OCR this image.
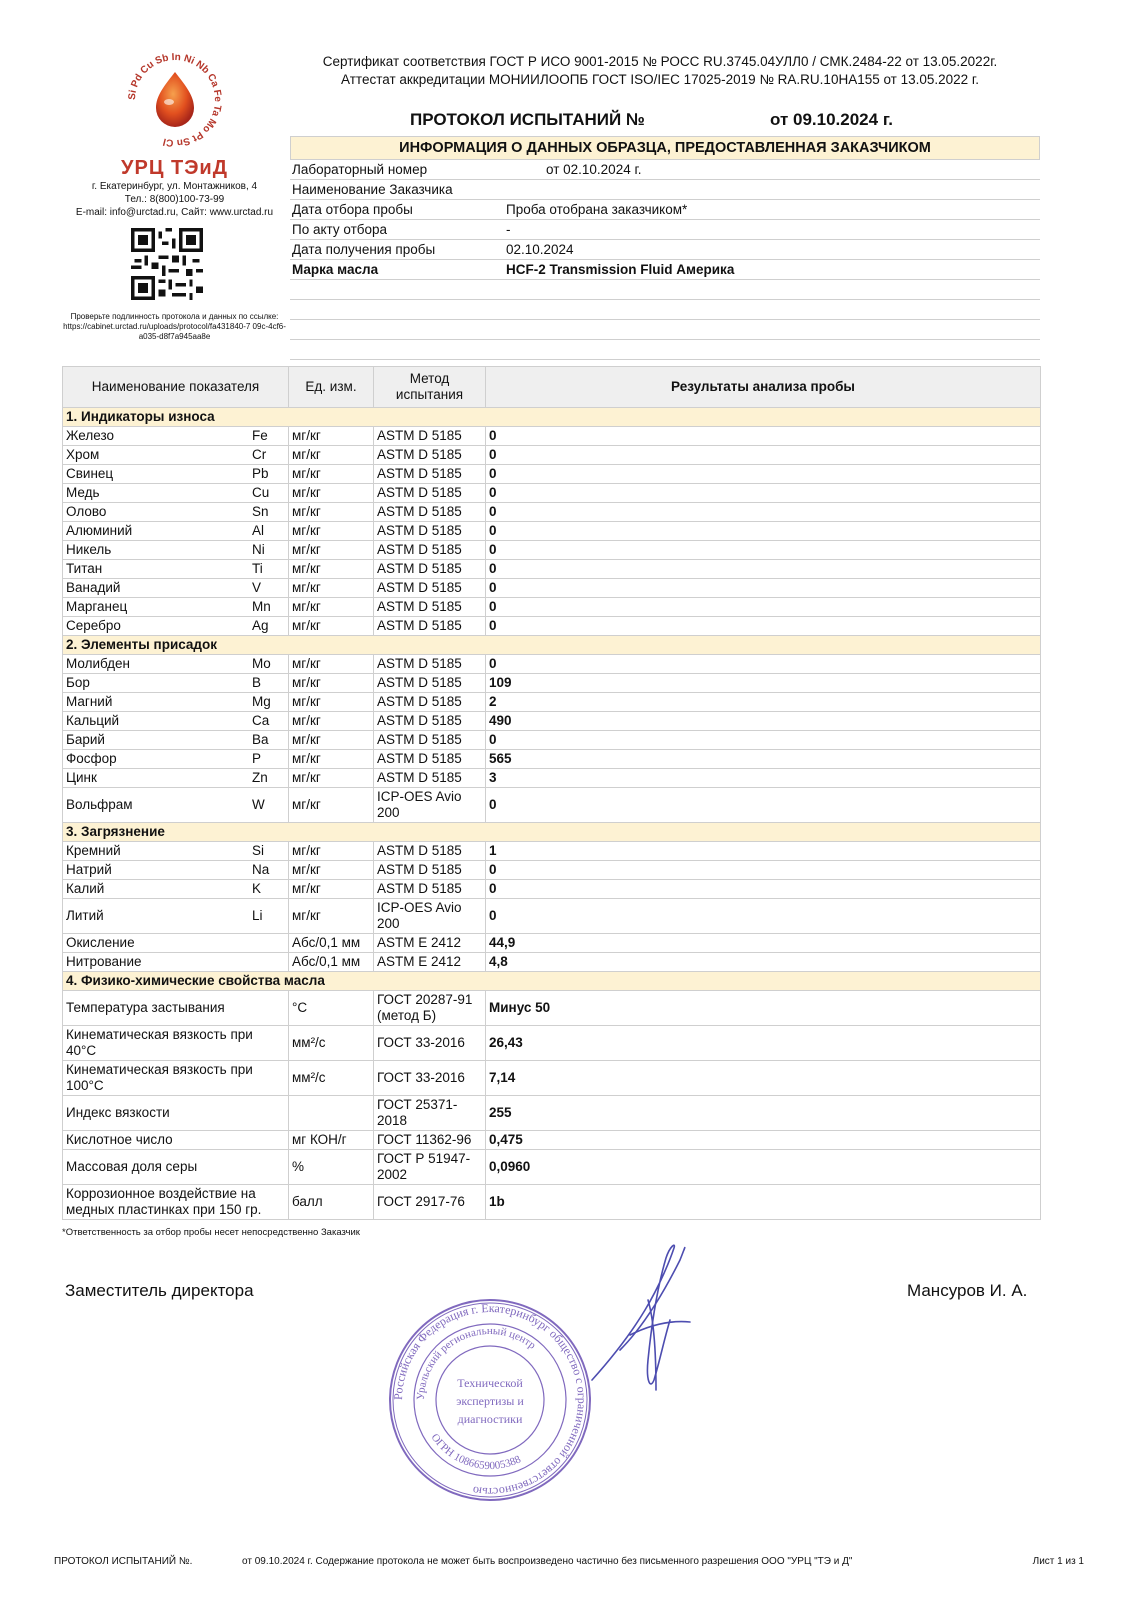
Сертификат соответствия ГОСТ Р ИСО 9001-2015 № РОСС RU.3745.04УЛЛ0 / СМК.2484-22 от 13.05.2022г.
Аттестат аккредитации МОНИИЛООПБ ГОСТ ISO/IEC 17025-2019 № RA.RU.10НА155 от 13.05.2022 г.
ПРОТОКОЛ ИСПЫТАНИЙ №	от 09.10.2024 г.
Si Pd Cu Sb In Ni Nb Ca Fe Ta Mo Pt Sn Cl
УРЦ ТЭиД
г. Екатеринбург, ул. Монтажников, 4
Тел.: 8(800)100-73-99
E-mail: info@urctad.ru, Сайт: www.urctad.ru
Проверьте подлинность протокола и данных по ссылке:
https://cabinet.urctad.ru/uploads/protocol/fa431840-7 09c-4cf6-a035-d8f7a945aa8e
ИНФОРМАЦИЯ О ДАННЫХ ОБРАЗЦА, ПРЕДОСТАВЛЕННАЯ ЗАКАЗЧИКОМ
Лабораторный номер	от 02.10.2024 г.
Наименование Заказчика
Дата отбора пробы	Проба отобрана заказчиком*
По акту отбора	-
Дата получения пробы	02.10.2024
Марка масла	HCF-2 Transmission Fluid Америка
Наименование показателя	Ед. изм.	Метод испытания	Результаты анализа пробы
1. Индикаторы износа			
Железо Fe	мг/кг	ASTM D 5185	0
Хром Cr	мг/кг	ASTM D 5185	0
Свинец Pb	мг/кг	ASTM D 5185	0
Медь Cu	мг/кг	ASTM D 5185	0
Олово Sn	мг/кг	ASTM D 5185	0
Алюминий Al	мг/кг	ASTM D 5185	0
Никель Ni	мг/кг	ASTM D 5185	0
Титан Ti	мг/кг	ASTM D 5185	0
Ванадий V	мг/кг	ASTM D 5185	0
Марганец Mn	мг/кг	ASTM D 5185	0
Серебро Ag	мг/кг	ASTM D 5185	0
2. Элементы присадок			
Молибден Mo	мг/кг	ASTM D 5185	0
Бор B	мг/кг	ASTM D 5185	109
Магний Mg	мг/кг	ASTM D 5185	2
Кальций Ca	мг/кг	ASTM D 5185	490
Барий Ba	мг/кг	ASTM D 5185	0
Фосфор P	мг/кг	ASTM D 5185	565
Цинк Zn	мг/кг	ASTM D 5185	3
Вольфрам W	мг/кг	ICP-OES Avio 200	0
3. Загрязнение			
Кремний Si	мг/кг	ASTM D 5185	1
Натрий Na	мг/кг	ASTM D 5185	0
Калий K	мг/кг	ASTM D 5185	0
Литий Li	мг/кг	ICP-OES Avio 200	0
Окисление	Абс/0,1 мм	ASTM E 2412	44,9
Нитрование	Абс/0,1 мм	ASTM E 2412	4,8
4. Физико-химические свойства масла			
Температура застывания	°С	ГОСТ 20287-91 (метод Б)	Минус 50
Кинематическая вязкость при 40°С	мм²/с	ГОСТ 33-2016	26,43
Кинематическая вязкость при 100°С	мм²/с	ГОСТ 33-2016	7,14
Индекс вязкости		ГОСТ 25371-2018	255
Кислотное число	мг КОН/г	ГОСТ 11362-96	0,475
Массовая доля серы	%	ГОСТ Р 51947-2002	0,0960
Коррозионное воздействие на медных пластинках при 150 гр.	балл	ГОСТ 2917-76	1b
*Ответственность за отбор пробы несет непосредственно Заказчик
Заместитель директора	Мансуров И. А.
Российская Федерация г. Екатеринбург общество с ограниченной ответственностью
Уральский региональный центр
Технической
экспертизы и
диагностики
ОГРН 1086659005388
ПРОТОКОЛ ИСПЫТАНИЙ №.	от 09.10.2024 г. Содержание протокола не может быть воспроизведено частично без письменного разрешения ООО "УРЦ "ТЭ и Д"	Лист 1 из 1
